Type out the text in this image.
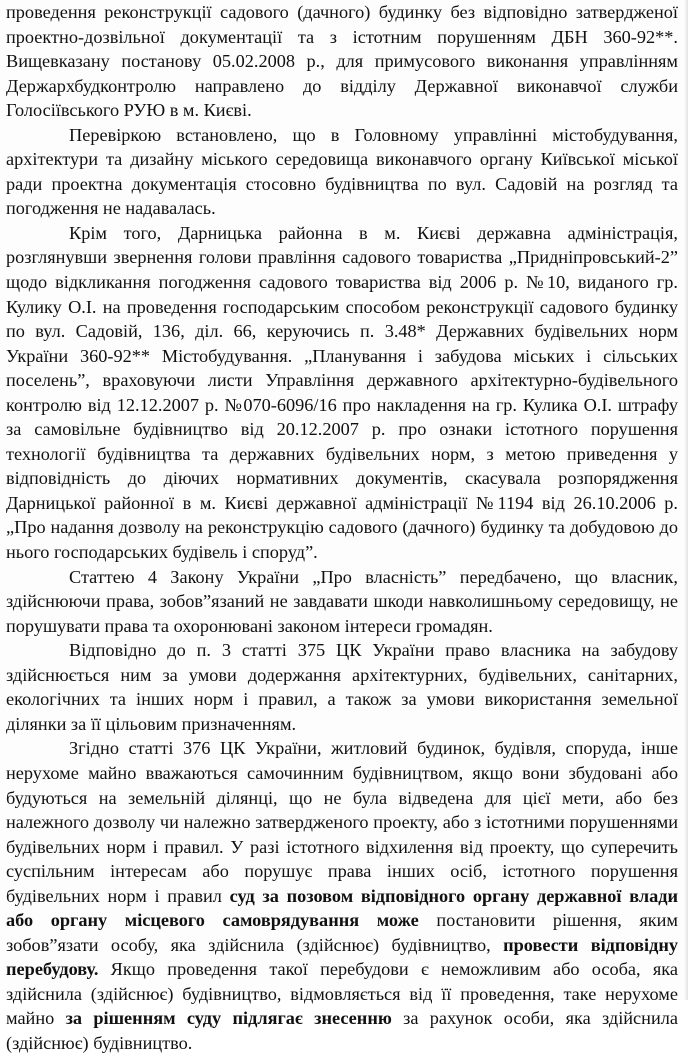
проведення реконструкції садового (дачного) будинку без відповідно затвердженої проектно-дозвільної документації та з істотним порушенням ДБН 360-92**. Вищевказану постанову 05.02.2008 р., для примусового виконання управлінням Держархбудконтролю направлено до відділу Державної виконавчої служби Голосіївського РУЮ в м. Києві.

Перевіркою встановлено, що в Головному управлінні містобудування, архітектури та дизайну міського середовища виконавчого органу Київської міської ради проектна документація стосовно будівництва по вул. Садовій на розгляд та погодження не надавалась.

Крім того, Дарницька районна в м. Києві державна адміністрація, розглянувши звернення голови правління садового товариства „Придніпровський-2” щодо відкликання погодження садового товариства від 2006 р. №10, виданого гр. Кулику О.І. на проведення господарським способом реконструкції садового будинку по вул. Садовій, 136, діл. 66, керуючись п. 3.48* Державних будівельних норм України 360-92** Містобудування. „Планування і забудова міських і сільських поселень”, враховуючи листи Управління державного архітектурно-будівельного контролю від 12.12.2007 р. №070-6096/16 про накладення на гр. Кулика О.І. штрафу за самовільне будівництво від 20.12.2007 р. про ознаки істотного порушення технології будівництва та державних будівельних норм, з метою приведення у відповідність до діючих нормативних документів, скасувала розпорядження Дарницької районної в м. Києві державної адміністрації №1194 від 26.10.2006 р. „Про надання дозволу на реконструкцію садового (дачного) будинку та добудовою до нього господарських будівель і споруд”.

Статтею 4 Закону України „Про власність” передбачено, що власник, здійснюючи права, зобов”язаний не завдавати шкоди навколишньому середовищу, не порушувати права та охоронювані законом інтереси громадян.

Відповідно до п. 3 статті 375 ЦК України право власника на забудову здійснюється ним за умови додержання архітектурних, будівельних, санітарних, екологічних та інших норм і правил, а також за умови використання земельної ділянки за її цільовим призначенням.

Згідно статті 376 ЦК України, житловий будинок, будівля, споруда, інше нерухоме майно вважаються самочинним будівництвом, якщо вони збудовані або будуються на земельній ділянці, що не була відведена для цієї мети, або без належного дозволу чи належно затвердженого проекту, або з істотними порушеннями будівельних норм і правил. У разі істотного відхилення від проекту, що суперечить суспільним інтересам або порушує права інших осіб, істотного порушення будівельних норм і правил суд за позовом відповідного органу державної влади або органу місцевого самоврядування може постановити рішення, яким зобов”язати особу, яка здійснила (здійснює) будівництво, провести відповідну перебудову. Якщо проведення такої перебудови є неможливим або особа, яка здійснила (здійснює) будівництво, відмовляється від її проведення, таке нерухоме майно за рішенням суду підлягає знесенню за рахунок особи, яка здійснила (здійснює) будівництво.
